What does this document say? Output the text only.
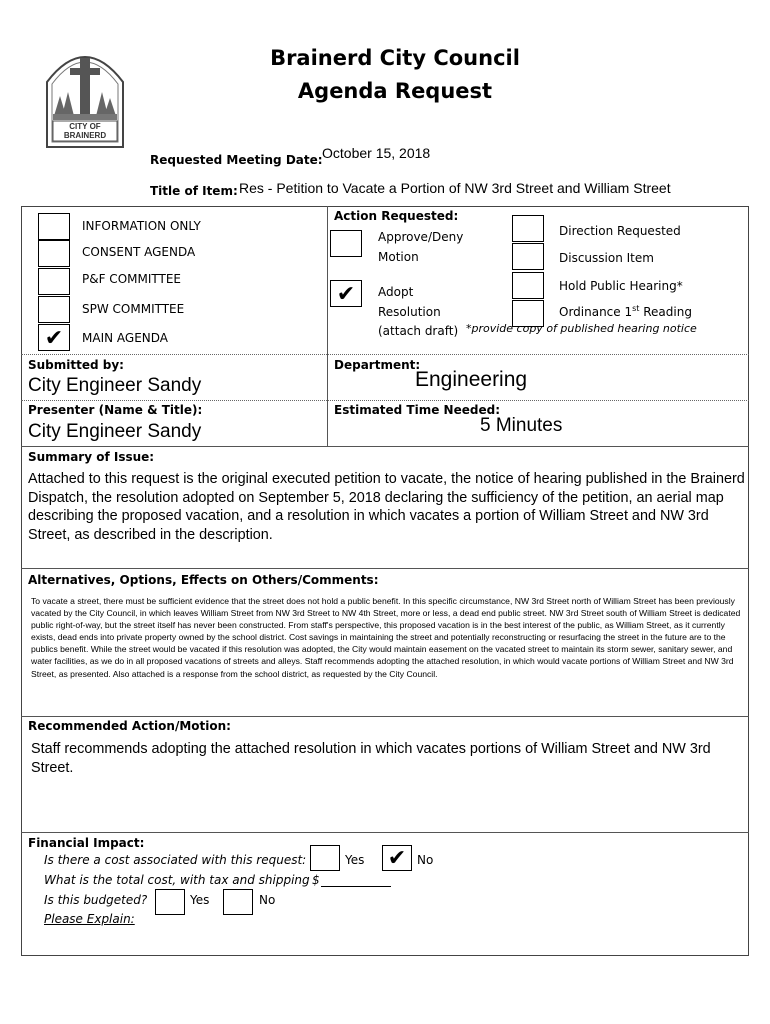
CITY OF BRAINERD
Brainerd City Council
Agenda Request
Requested Meeting Date: October 15, 2018
Title of Item: Res - Petition to Vacate a Portion of NW 3rd Street and William Street
INFORMATION ONLY
CONSENT AGENDA
P&F COMMITTEE
SPW COMMITTEE
✔	MAIN AGENDA
Action Requested:
Approve/Deny
Motion
✔	Adopt
Resolution
(attach draft)
Direction Requested
Discussion Item
Hold Public Hearing*
Ordinance 1st Reading
*provide copy of published hearing notice
Submitted by:
City Engineer Sandy
Department:
Engineering
Presenter (Name & Title):
City Engineer Sandy
Estimated Time Needed:
5 Minutes
Summary of Issue:
Attached to this request is the original executed petition to vacate, the notice of hearing published in the Brainerd Dispatch, the resolution adopted on September 5, 2018 declaring the sufficiency of the petition, an aerial map describing the proposed vacation, and a resolution in which vacates a portion of William Street and NW 3rd Street, as described in the description.
Alternatives, Options, Effects on Others/Comments:
To vacate a street, there must be sufficient evidence that the street does not hold a public benefit. In this specific circumstance, NW 3rd Street north of William Street has been previously vacated by the City Council, in which leaves William Street from NW 3rd Street to NW 4th Street, more or less, a dead end public street. NW 3rd Street south of William Street is dedicated public right-of-way, but the street itself has never been constructed. From staff's perspective, this proposed vacation is in the best interest of the public, as William Street, as it currently exists, dead ends into private property owned by the school district. Cost savings in maintaining the street and potentially reconstructing or resurfacing the street in the future are to the publics benefit. While the street would be vacated if this resolution was adopted, the City would maintain easement on the vacated street to maintain its storm sewer, sanitary sewer, and water facilities, as we do in all proposed vacations of streets and alleys. Staff recommends adopting the attached resolution, in which would vacate portions of William Street and NW 3rd Street, as presented. Also attached is a response from the school district, as requested by the City Council.
Recommended Action/Motion:
Staff recommends adopting the attached resolution in which vacates portions of William Street and NW 3rd Street.
Financial Impact:
Is there a cost associated with this request:	Yes ✔ No
What is the total cost, with tax and shipping $
Is this budgeted?	Yes	No
Please Explain:
